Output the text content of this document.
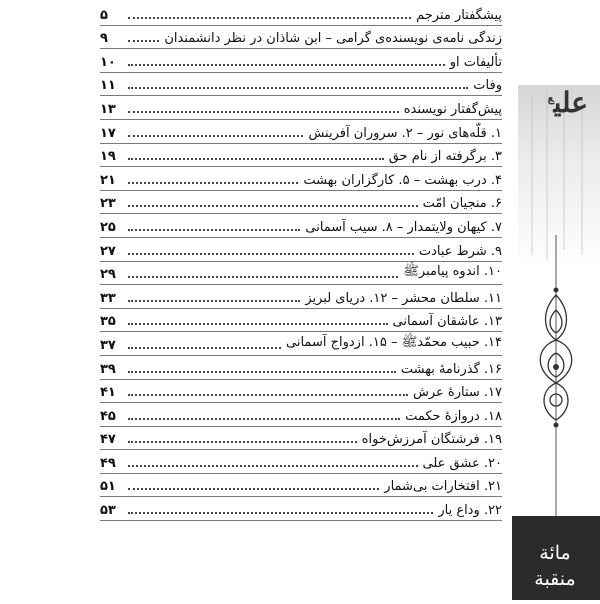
پیشگفتار مترجم
۵
زندگی نامه‌ی نویسنده‌ی گرامی – ابن شاذان در نظر دانشمندان
۹
تألیفات او
۱۰
وفات
۱۱
پیش‌گفتار نویسنده
۱۳
۱. قلّه‌های نور – ۲. سروران آفرینش
۱۷
۳. برگرفته از نام حق
۱۹
۴. درب بهشت – ۵. کارگزاران بهشت
۲۱
۶. منجیان امّت
۲۳
۷. کیهان ولایتمدار – ۸. سیب آسمانی
۲۵
۹. شرط عبادت
۲۷
۱۰. اندوه پیامبرﷺ
۲۹
۱۱. سلطان محشر – ۱۲. دریای لبریز
۳۳
۱۳. عاشقان آسمانی
۳۵
۱۴. حبیب محمّدﷺ – ۱۵. ازدواج آسمانی
۳۷
۱۶. گذرنامهٔ بهشت
۳۹
۱۷. ستارهٔ عرش
۴۱
۱۸. دروازهٔ حکمت
۴۵
۱۹. فرشتگان آمرزش‌خواه
۴۷
۲۰. عشق علی
۴۹
۲۱. افتخارات بی‌شمار
۵۱
۲۲. وداع یار
۵۳
علی$^ع$
مائة
منقبة
